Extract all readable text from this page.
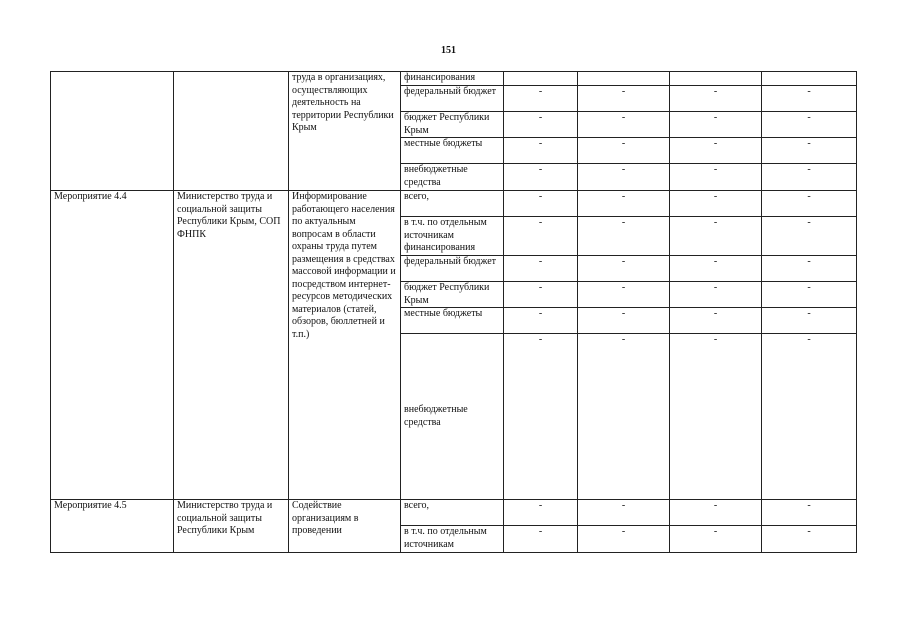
151
		труда в организациях, осуществляющих деятельность на территории Республики Крым	финансирования				
			федеральный бюджет	-	-	-	-
			бюджет Республики Крым	-	-	-	-
			местные бюджеты	-	-	-	-
			внебюджетные средства	-	-	-	-
Мероприятие 4.4	Министерство труда и социальной защиты Республики Крым, СОП ФНПК	Информирование работающего населения по актуальным вопросам в области охраны труда путем размещения в средствах массовой информации и посредством интернет-ресурсов методических материалов (статей, обзоров, бюллетней и т.п.)	всего,	-	-	-	-
			в т.ч. по отдельным источникам финансирования	-	-	-	-
			федеральный бюджет	-	-	-	-
			бюджет Республики Крым	-	-	-	-
			местные бюджеты	-	-	-	-
			внебюджетные средства	-	-	-	-
Мероприятие 4.5	Министерство труда и социальной защиты Республики Крым	Содействие организациям в проведении	всего,	-	-	-	-
			в т.ч. по отдельным источникам	-	-	-	-
